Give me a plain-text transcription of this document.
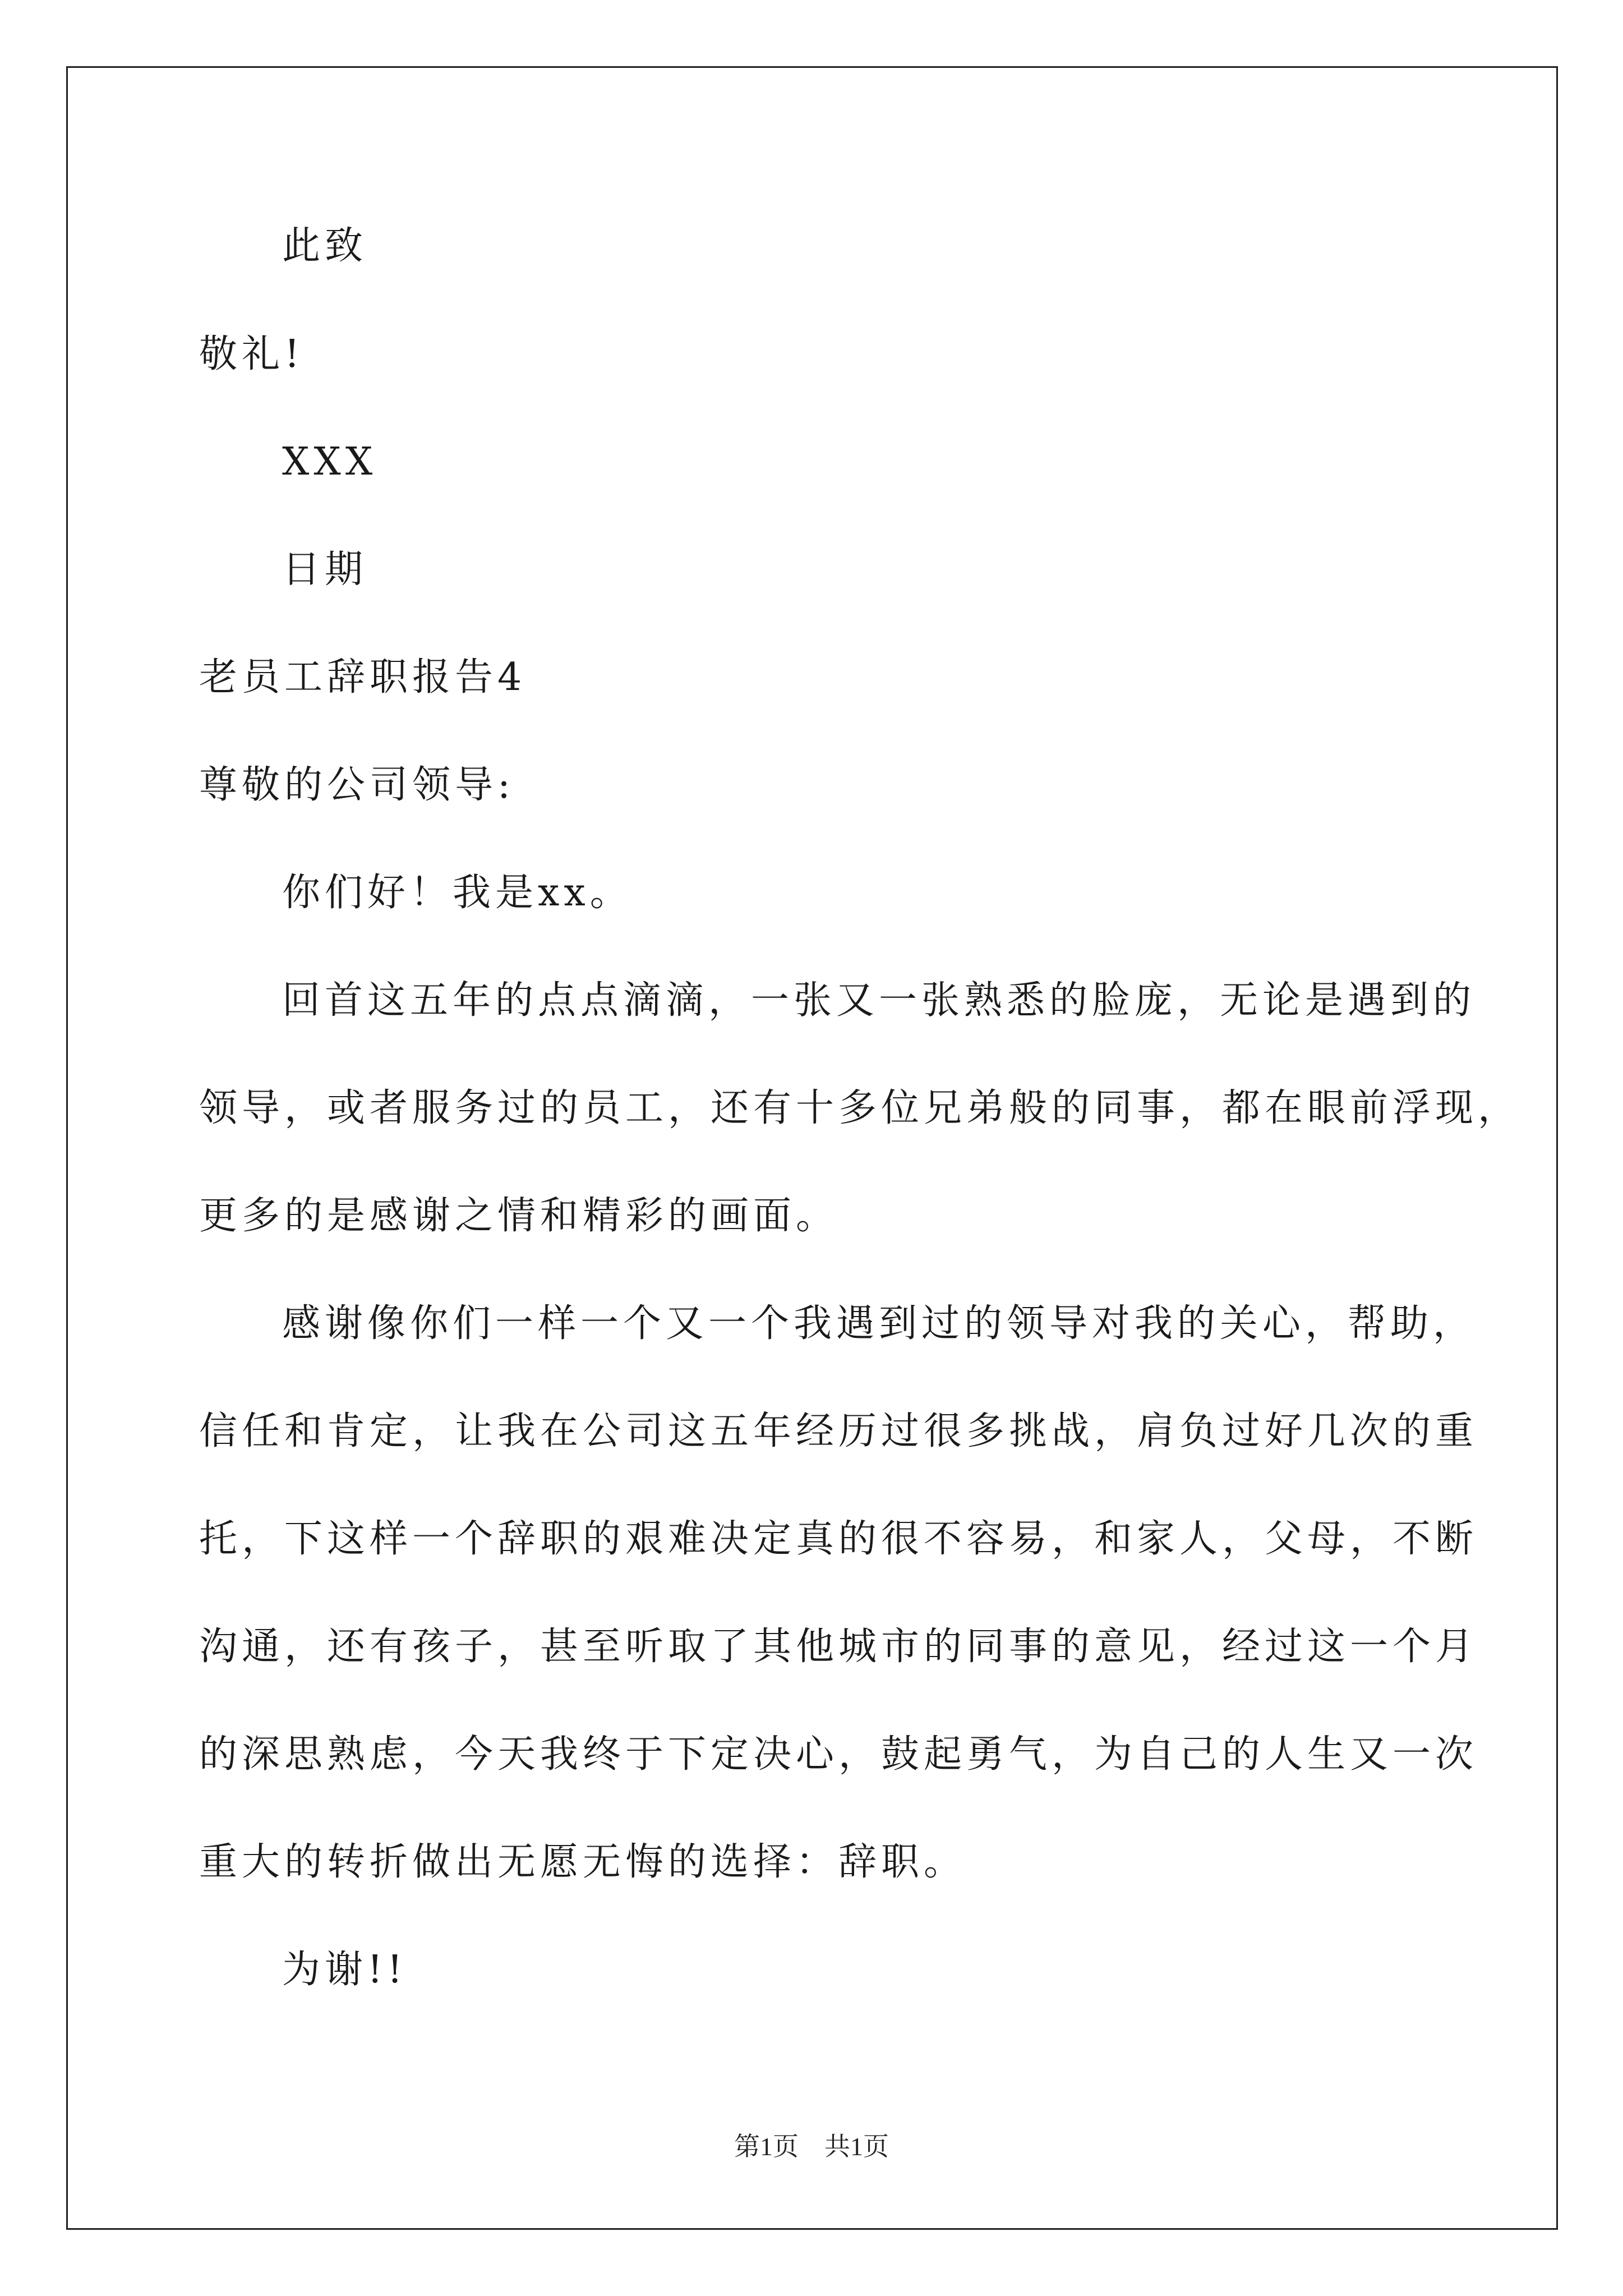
此致
敬礼!
XXX
日期
老员工辞职报告4
尊敬的公司领导:
你们好！我是xx。
回首这五年的点点滴滴，一张又一张熟悉的脸庞，无论是遇到的
领导，或者服务过的员工，还有十多位兄弟般的同事，都在眼前浮现，
更多的是感谢之情和精彩的画面。
感谢像你们一样一个又一个我遇到过的领导对我的关心，帮助，
信任和肯定，让我在公司这五年经历过很多挑战，肩负过好几次的重
托，下这样一个辞职的艰难决定真的很不容易，和家人，父母，不断
沟通，还有孩子，甚至听取了其他城市的同事的意见，经过这一个月
的深思熟虑，今天我终于下定决心，鼓起勇气，为自己的人生又一次
重大的转折做出无愿无悔的选择：辞职。
为谢!!
第1页　共1页
